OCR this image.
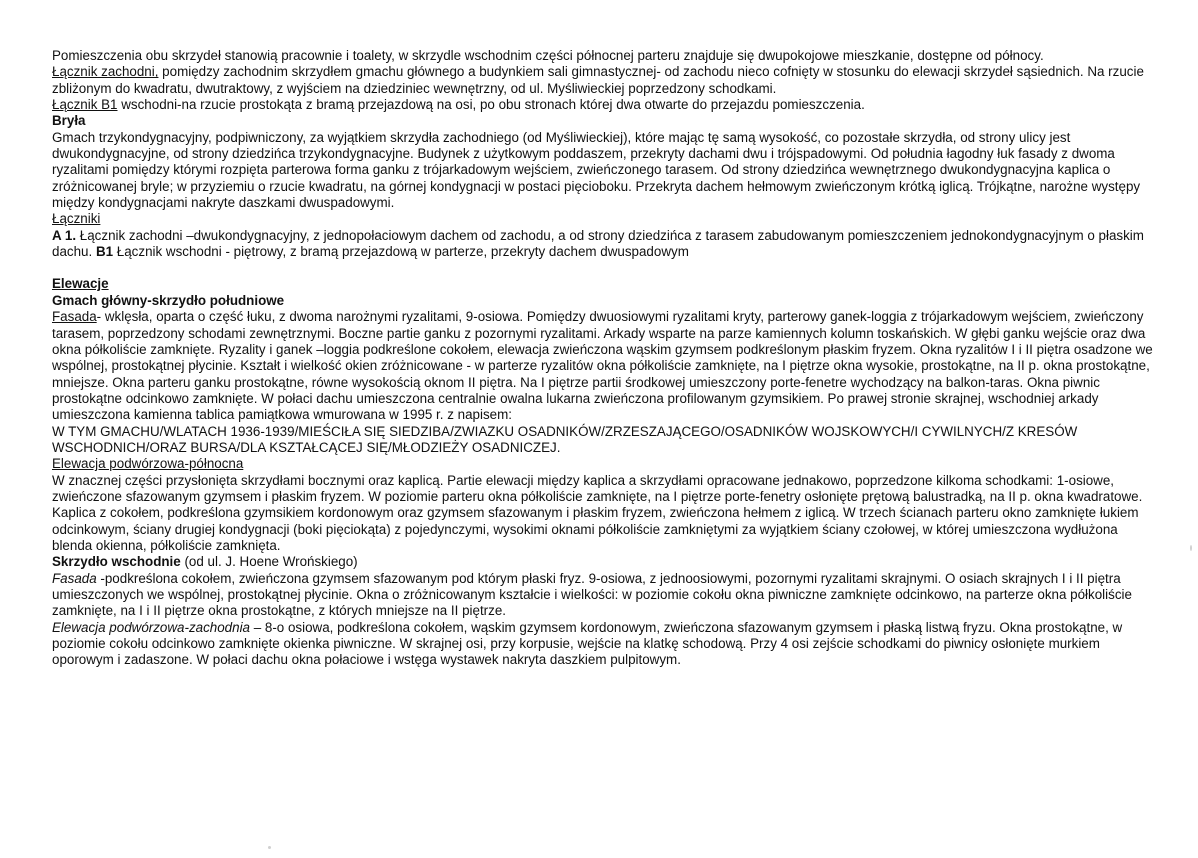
Pomieszczenia obu skrzydeł stanowią pracownie i toalety, w skrzydle wschodnim części północnej parteru znajduje się dwupokojowe mieszkanie, dostępne od północy.

Łącznik zachodni, pomiędzy zachodnim skrzydłem gmachu głównego a budynkiem sali gimnastycznej- od zachodu nieco cofnięty w stosunku do elewacji skrzydeł sąsiednich. Na rzucie zbliżonym do kwadratu, dwutraktowy, z wyjściem na dziedziniec wewnętrzny, od ul. Myśliwieckiej poprzedzony schodkami.

Łącznik B1 wschodni-na rzucie prostokąta z bramą przejazdową na osi, po obu stronach której dwa otwarte do przejazdu pomieszczenia.

Bryła

Gmach trzykondygnacyjny, podpiwniczony, za wyjątkiem skrzydła zachodniego (od Myśliwieckiej), które mając tę samą wysokość, co pozostałe skrzydła, od strony ulicy jest dwukondygnacyjne, od strony dziedzińca trzykondygnacyjne. Budynek z użytkowym poddaszem, przekryty dachami dwu i trójspadowymi. Od południa łagodny łuk fasady z dwoma ryzalitami pomiędzy którymi rozpięta parterowa forma ganku z trójarkadowym wejściem, zwieńczonego tarasem. Od strony dziedzińca wewnętrznego dwukondygnacyjna kaplica o zróżnicowanej bryle; w przyziemiu o rzucie kwadratu, na górnej kondygnacji w postaci pięcioboku. Przekryta dachem hełmowym zwieńczonym krótką iglicą. Trójkątne, narożne występy między kondygnacjami nakryte daszkami dwuspadowymi.

Łączniki

A 1. Łącznik zachodni –dwukondygnacyjny, z jednopołaciowym dachem od zachodu, a od strony dziedzińca z tarasem zabudowanym pomieszczeniem jednokondygnacyjnym o płaskim dachu. B1 Łącznik wschodni - piętrowy, z bramą przejazdową w parterze, przekryty dachem dwuspadowym

Elewacje

Gmach główny-skrzydło południowe

Fasada- wklęsła, oparta o część łuku, z dwoma narożnymi ryzalitami, 9-osiowa. Pomiędzy dwuosiowymi ryzalitami kryty, parterowy ganek-loggia z trójarkadowym wejściem, zwieńczony tarasem, poprzedzony schodami zewnętrznymi. Boczne partie ganku z pozornymi ryzalitami. Arkady wsparte na parze kamiennych kolumn toskańskich. W głębi ganku wejście oraz dwa okna półkoliście zamknięte. Ryzality i ganek –loggia podkreślone cokołem, elewacja zwieńczona wąskim gzymsem podkreślonym płaskim fryzem. Okna ryzalitów I i II piętra osadzone we wspólnej, prostokątnej płycinie. Kształt i wielkość okien zróżnicowane - w parterze ryzalitów okna półkoliście zamknięte, na I piętrze okna wysokie, prostokątne, na II p. okna prostokątne, mniejsze. Okna parteru ganku prostokątne, równe wysokością oknom II piętra. Na I piętrze partii środkowej umieszczony porte-fenetre wychodzący na balkon-taras. Okna piwnic prostokątne odcinkowo zamknięte. W połaci dachu umieszczona centralnie owalna lukarna zwieńczona profilowanym gzymsikiem. Po prawej stronie skrajnej, wschodniej arkady umieszczona kamienna tablica pamiątkowa wmurowana w 1995 r. z napisem:
W TYM GMACHU/WLATACH 1936-1939/MIEŚCIŁA SIĘ SIEDZIBA/ZWIAZKU OSADNIKÓW/ZRZESZAJĄCEGO/OSADNIKÓW WOJSKOWYCH/I CYWILNYCH/Z KRESÓW WSCHODNICH/ORAZ BURSA/DLA KSZTAŁCĄCEJ SIĘ/MŁODZIEŻY OSADNICZEJ.

Elewacja podwórzowa-północna

W znacznej części przysłonięta skrzydłami bocznymi oraz kaplicą. Partie elewacji między kaplica a skrzydłami opracowane jednakowo, poprzedzone kilkoma schodkami: 1-osiowe, zwieńczone sfazowanym gzymsem i płaskim fryzem. W poziomie parteru okna półkoliście zamknięte, na I piętrze porte-fenetry osłonięte prętową balustradką, na II p. okna kwadratowe. Kaplica z cokołem, podkreślona gzymsikiem kordonowym oraz gzymsem sfazowanym i płaskim fryzem, zwieńczona hełmem z iglicą. W trzech ścianach parteru okno zamknięte łukiem odcinkowym, ściany drugiej kondygnacji (boki pięciokąta) z pojedynczymi, wysokimi oknami półkoliście zamkniętymi za wyjątkiem ściany czołowej, w której umieszczona wydłużona blenda okienna, półkoliście zamknięta.

Skrzydło wschodnie (od ul. J. Hoene Wrońskiego)

Fasada -podkreślona cokołem, zwieńczona gzymsem sfazowanym pod którym płaski fryz. 9-osiowa, z jednoosiowymi, pozornymi ryzalitami skrajnymi. O osiach skrajnych I i II piętra umieszczonych we wspólnej, prostokątnej płycinie. Okna o zróżnicowanym kształcie i wielkości: w poziomie cokołu okna piwniczne zamknięte odcinkowo, na parterze okna półkoliście zamknięte, na I i II piętrze okna prostokątne, z których mniejsze na II piętrze.

Elewacja podwórzowa-zachodnia – 8-o osiowa, podkreślona cokołem, wąskim gzymsem kordonowym, zwieńczona sfazowanym gzymsem i płaską listwą fryzu. Okna prostokątne, w poziomie cokołu odcinkowo zamknięte okienka piwniczne. W skrajnej osi, przy korpusie, wejście na klatkę schodową. Przy 4 osi zejście schodkami do piwnicy osłonięte murkiem oporowym i zadaszone. W połaci dachu okna połaciowe i wstęga wystawek nakryta daszkiem pulpitowym.
